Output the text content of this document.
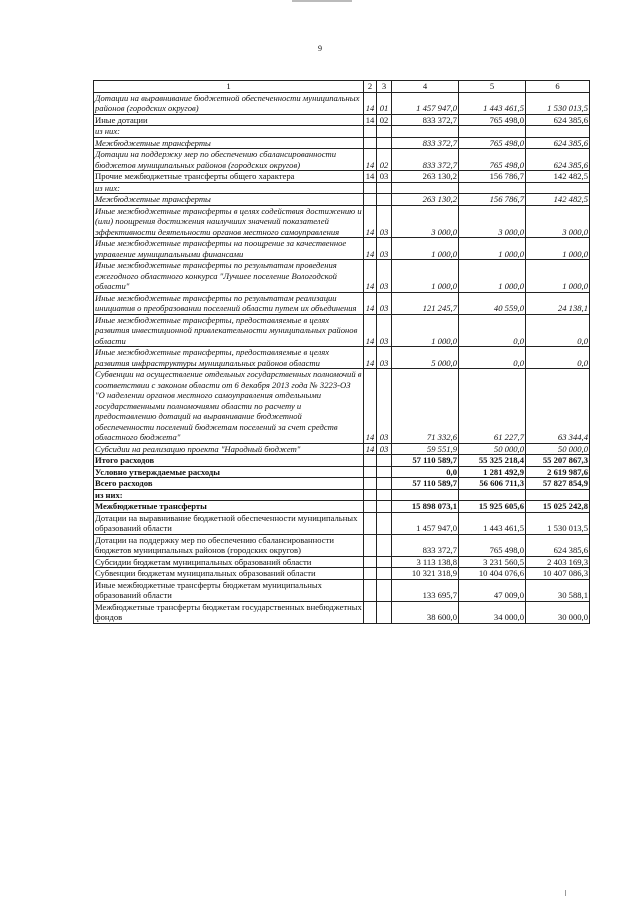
9
1	2	3	4	5	6
Дотации на выравнивание бюджетной обеспеченности муниципальных районов (городских округов)	14	01	1 457 947,0	1 443 461,5	1 530 013,5
Иные дотации	14	02	833 372,7	765 498,0	624 385,6
из них:					
Межбюджетные трансферты			833 372,7	765 498,0	624 385,6
Дотации на поддержку мер по обеспечению сбалансированности бюджетов муниципальных районов (городских округов)	14	02	833 372,7	765 498,0	624 385,6
Прочие межбюджетные трансферты общего характера	14	03	263 130,2	156 786,7	142 482,5
из них:					
Межбюджетные трансферты			263 130,2	156 786,7	142 482,5
Иные межбюджетные трансферты в целях содействия достижению и (или) поощрения достижения наилучших значений показателей эффективности деятельности органов местного самоуправления	14	03	3 000,0	3 000,0	3 000,0
Иные межбюджетные трансферты на поощрение за качественное управление муниципальными финансами	14	03	1 000,0	1 000,0	1 000,0
Иные межбюджетные трансферты по результатам проведения ежегодного областного конкурса "Лучшее поселение Вологодской области"	14	03	1 000,0	1 000,0	1 000,0
Иные межбюджетные трансферты по результатам реализации инициатив о преобразовании поселений области путем их объединения	14	03	121 245,7	40 559,0	24 138,1
Иные межбюджетные трансферты, предоставляемые в целях развития инвестиционной привлекательности муниципальных районов области	14	03	1 000,0	0,0	0,0
Иные межбюджетные трансферты, предоставляемые в целях развития инфраструктуры муниципальных районов области	14	03	5 000,0	0,0	0,0
Субвенции на осуществление отдельных государственных полномочий в соответствии с законом области от 6 декабря 2013 года № 3223-ОЗ "О наделении органов местного самоуправления отдельными государственными полномочиями области по расчету и предоставлению дотаций на выравнивание бюджетной обеспеченности поселений бюджетам поселений за счет средств областного бюджета"	14	03	71 332,6	61 227,7	63 344,4
Субсидии на реализацию проекта "Народный бюджет"	14	03	59 551,9	50 000,0	50 000,0
Итого расходов			57 110 589,7	55 325 218,4	55 207 867,3
Условно утверждаемые расходы			0,0	1 281 492,9	2 619 987,6
Всего расходов			57 110 589,7	56 606 711,3	57 827 854,9
из них:					
Межбюджетные трансферты			15 898 073,1	15 925 605,6	15 025 242,8
Дотации на выравнивание бюджетной обеспеченности муниципальных образований области			1 457 947,0	1 443 461,5	1 530 013,5
Дотации на поддержку мер по обеспечению сбалансированности бюджетов муниципальных районов (городских округов)			833 372,7	765 498,0	624 385,6
Субсидии бюджетам муниципальных образований области			3 113 138,8	3 231 560,5	2 403 169,3
Субвенции бюджетам муниципальных образований области			10 321 318,9	10 404 076,6	10 407 086,3
Иные межбюджетные трансферты бюджетам муниципальных образований области			133 695,7	47 009,0	30 588,1
Межбюджетные трансферты бюджетам государственных внебюджетных фондов			38 600,0	34 000,0	30 000,0
